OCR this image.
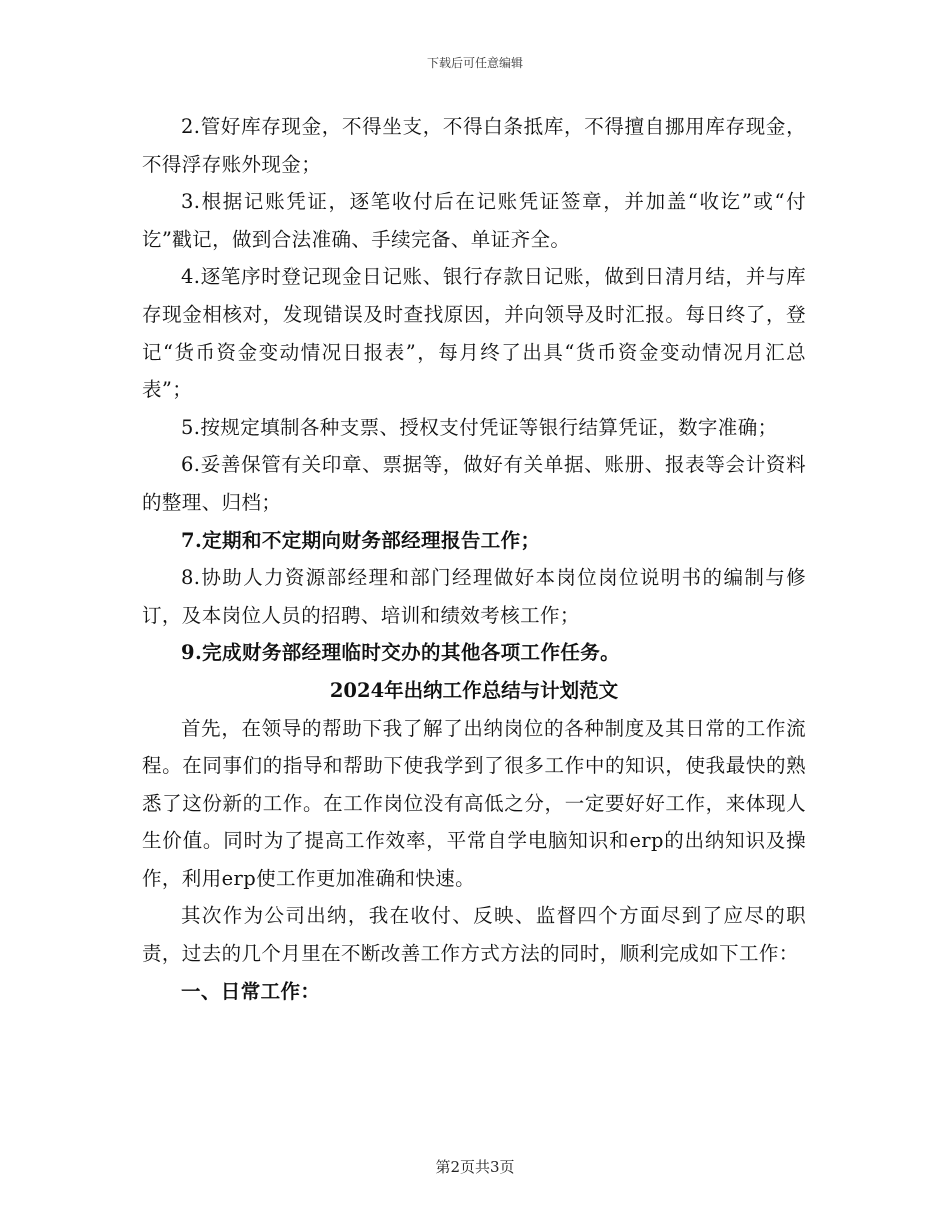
下载后可任意编辑

2.管好库存现金，不得坐支，不得白条抵库，不得擅自挪用库存现金，不得浮存账外现金；

3.根据记账凭证，逐笔收付后在记账凭证签章，并加盖“收讫”或“付讫”戳记，做到合法准确、手续完备、单证齐全。

4.逐笔序时登记现金日记账、银行存款日记账，做到日清月结，并与库存现金相核对，发现错误及时查找原因，并向领导及时汇报。每日终了，登记“货币资金变动情况日报表”，每月终了出具“货币资金变动情况月汇总表”；

5.按规定填制各种支票、授权支付凭证等银行结算凭证，数字准确；

6.妥善保管有关印章、票据等，做好有关单据、账册、报表等会计资料的整理、归档；

7.定期和不定期向财务部经理报告工作；

8.协助人力资源部经理和部门经理做好本岗位岗位说明书的编制与修订，及本岗位人员的招聘、培训和绩效考核工作；

9.完成财务部经理临时交办的其他各项工作任务。

2024年出纳工作总结与计划范文

首先，在领导的帮助下我了解了出纳岗位的各种制度及其日常的工作流程。在同事们的指导和帮助下使我学到了很多工作中的知识，使我最快的熟悉了这份新的工作。在工作岗位没有高低之分，一定要好好工作，来体现人生价值。同时为了提高工作效率，平常自学电脑知识和erp的出纳知识及操作，利用erp使工作更加准确和快速。

其次作为公司出纳，我在收付、反映、监督四个方面尽到了应尽的职责，过去的几个月里在不断改善工作方式方法的同时，顺利完成如下工作：

一、日常工作：

第2页共3页
